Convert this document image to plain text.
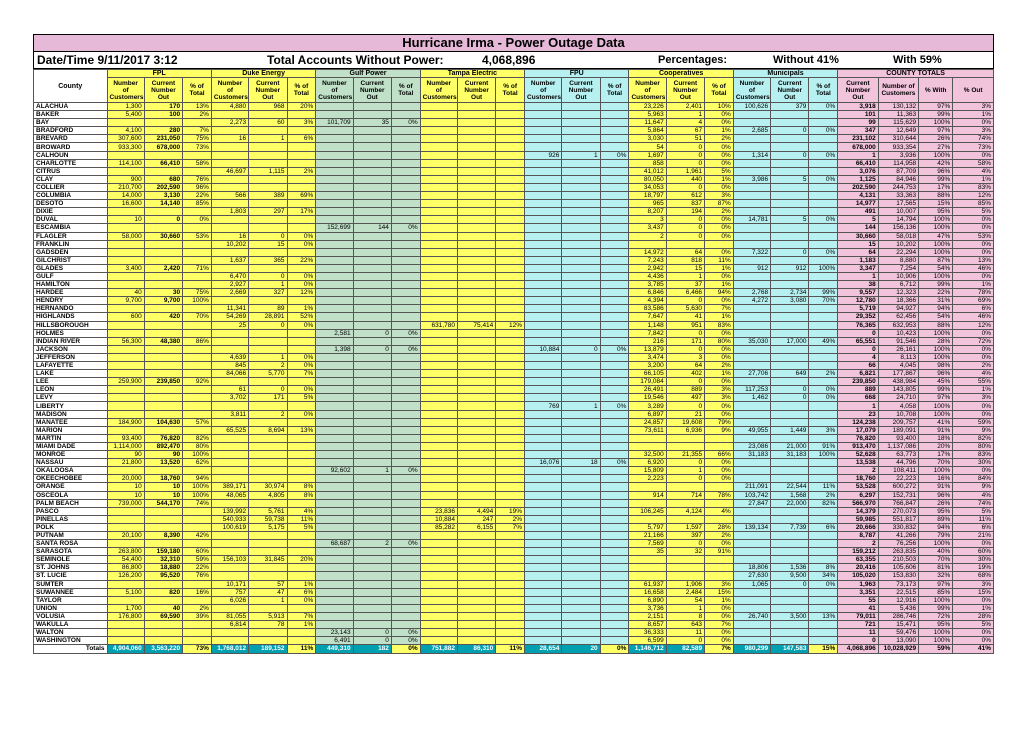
Hurricane Irma - Power Outage Data
Date/Time 9/11/2017 3:12	Total Accounts Without Power:	4,068,896	Percentages:	Without 41%	With 59%
County	FPL			Duke Energy			Gulf Power			Tampa Electric			FPU			Cooperatives			Municipals			COUNTY TOTALS			
	Number of Customers	Current Number Out	% of Total	Number of Customers	Current Number Out	% of Total	Number of Customers	Current Number Out	% of Total	Number of Customers	Current Number Out	% of Total	Number of Customers	Current Number Out	% of Total	Number of Customers	Current Number Out	% of Total	Number of Customers	Current Number Out	% of Total	Current Number Out	Number of Customers	% With	% Out
ALACHUA	1,300	170	13%	4,880	968	20%										23,226	2,401	10%	100,626	379	0%	3,918	130,132	97%	3%
BAKER	5,400	100	2%													5,963	1	0%				101	11,363	99%	1%
BAY				2,273	60	3%	101,709	35	0%							11,647	4	0%				99	115,629	100%	0%
BRADFORD	4,100	280	7%													5,864	67	1%	2,685	0	0%	347	12,649	97%	3%
BREVARD	307,600	231,050	75%	16	1	6%										3,030	51	2%				231,102	310,644	26%	74%
BROWARD	933,300	678,000	73%													54	0	0%				678,000	933,354	27%	73%
CALHOUN													926	1	0%	1,697	0	0%	1,314	0	0%	1	3,936	100%	0%
CHARLOTTE	114,100	66,410	58%													858	0	0%				66,410	114,958	42%	58%
CITRUS				46,697	1,115	2%										41,012	1,961	5%				3,076	87,709	96%	4%
CLAY	900	680	76%													80,050	440	1%	3,986	5	0%	1,125	84,946	99%	1%
COLLIER	210,700	202,590	96%													34,053	0	0%				202,590	244,753	17%	83%
COLUMBIA	14,000	3,130	22%	566	389	69%										18,797	612	3%				4,131	33,363	88%	12%
DESOTO	16,600	14,140	85%													965	837	87%				14,977	17,565	15%	85%
DIXIE				1,803	297	17%										8,207	194	2%				491	10,007	95%	5%
DUVAL	10	0	0%													3	0	0%	14,781	5	0%	5	14,794	100%	0%
ESCAMBIA							152,699	144	0%							3,437	0	0%				144	156,136	100%	0%
FLAGLER	58,000	30,660	53%	16	0	0%										2	0	0%				30,660	58,018	47%	53%
FRANKLIN				10,202	15	0%																15	10,202	100%	0%
GADSDEN																14,972	64	0%	7,322	0	0%	64	22,294	100%	0%
GILCHRIST				1,637	365	22%										7,243	818	11%				1,183	8,880	87%	13%
GLADES	3,400	2,420	71%													2,942	15	1%	912	912	100%	3,347	7,254	54%	46%
GULF				6,470	0	0%										4,436	1	0%				1	10,906	100%	0%
HAMILTON				2,927	1	0%										3,785	37	1%				38	6,712	99%	1%
HARDEE	40	30	75%	2,669	327	12%										6,846	6,466	94%	2,768	2,734	99%	9,557	12,323	22%	78%
HENDRY	9,700	9,700	100%													4,394	0	0%	4,272	3,080	70%	12,780	18,366	31%	69%
HERNANDO				11,341	89	1%										83,586	5,630	7%				5,719	94,927	94%	6%
HIGHLANDS	600	420	70%	54,269	28,891	52%										7,647	41	1%				29,352	62,456	54%	46%
HILLSBOROUGH				25	0	0%				631,780	75,414	12%				1,148	951	83%				76,365	632,953	88%	12%
HOLMES							2,581	0	0%							7,842	0	0%				0	10,423	100%	0%
INDIAN RIVER	56,300	48,380	86%													216	171	80%	35,030	17,000	49%	65,551	91,546	28%	72%
JACKSON							1,398	0	0%				10,884	0	0%	13,879	0	0%				0	26,161	100%	0%
JEFFERSON				4,639	1	0%										3,474	3	0%				4	8,113	100%	0%
LAFAYETTE				845	2	0%										3,200	64	2%				66	4,045	98%	2%
LAKE				84,066	5,770	7%										66,105	402	1%	27,706	649	2%	6,821	177,867	96%	4%
LEE	259,900	239,850	92%													179,084	0	0%				239,850	438,984	45%	55%
LEON				61	0	0%										26,491	889	3%	117,253	0	0%	889	143,805	99%	1%
LEVY				3,702	171	5%										19,546	497	3%	1,462	0	0%	668	24,710	97%	3%
LIBERTY													769	1	0%	3,289	0	0%				1	4,058	100%	0%
MADISON				3,811	2	0%										6,897	21	0%				23	10,708	100%	0%
MANATEE	184,900	104,630	57%													24,857	19,608	79%				124,238	209,757	41%	59%
MARION				65,525	8,694	13%										73,611	6,936	9%	49,955	1,449	3%	17,079	189,091	91%	9%
MARTIN	93,400	76,820	82%																			76,820	93,400	18%	82%
MIAMI DADE	1,114,000	892,470	80%																23,086	21,000	91%	913,470	1,137,086	20%	80%
MONROE	90	90	100%													32,500	21,355	66%	31,183	31,183	100%	52,628	63,773	17%	83%
NASSAU	21,800	13,520	62%										16,076	18	0%	6,920	0	0%				13,538	44,796	70%	30%
OKALOOSA							92,602	1	0%							15,809	1	0%				2	108,411	100%	0%
OKEECHOBEE	20,000	18,760	94%													2,223	0	0%				18,760	22,223	16%	84%
ORANGE	10	10	100%	389,171	30,974	8%													211,091	22,544	11%	53,528	600,272	91%	9%
OSCEOLA	10	10	100%	48,065	4,805	8%										914	714	78%	103,742	1,568	2%	6,297	152,731	96%	4%
PALM BEACH	739,000	544,170	74%																27,847	22,000	82%	566,970	766,847	26%	74%
PASCO				139,992	5,761	4%				23,836	4,494	19%				106,245	4,124	4%				14,379	270,073	95%	5%
PINELLAS				540,933	59,738	11%				10,884	247	2%										59,985	551,817	89%	11%
POLK				100,619	5,175	5%				85,282	6,155	7%				5,797	1,597	28%	139,134	7,739	6%	20,666	330,832	94%	6%
PUTNAM	20,100	8,390	42%													21,166	397	2%				8,787	41,266	79%	21%
SANTA ROSA							68,687	2	0%							7,569	0	0%				2	76,256	100%	0%
SARASOTA	263,800	159,180	60%													35	32	91%				159,212	263,835	40%	60%
SEMINOLE	54,400	32,310	59%	156,103	31,845	20%																63,355	210,503	70%	30%
ST. JOHNS	86,800	18,880	22%																18,806	1,536	8%	20,416	105,606	81%	19%
ST. LUCIE	126,200	95,520	76%																27,630	9,500	34%	105,020	153,830	32%	68%
SUMTER				10,171	57	1%										61,937	1,906	3%	1,065	0	0%	1,963	73,173	97%	3%
SUWANNEE	5,100	820	16%	757	47	6%										16,658	2,484	15%				3,351	22,515	85%	15%
TAYLOR				6,026	1	0%										6,890	54	1%				55	12,916	100%	0%
UNION	1,700	40	2%													3,736	1	0%				41	5,436	99%	1%
VOLUSIA	176,800	69,590	39%	81,055	5,913	7%										2,151	8	0%	26,740	3,500	13%	79,011	286,746	72%	28%
WAKULLA				6,814	78	1%										8,657	643	7%				721	15,471	95%	5%
WALTON							23,143	0	0%							36,333	11	0%				11	59,476	100%	0%
WASHINGTON							6,491	0	0%							6,599	0	0%				0	13,090	100%	0%
Totals	4,904,060	3,563,220	73%	1,768,012	189,152	11%	449,310	182	0%	751,882	86,310	11%	28,654	20	0%	1,146,712	82,589	7%	980,299	147,583	15%	4,068,896	10,028,929	59%	41%
